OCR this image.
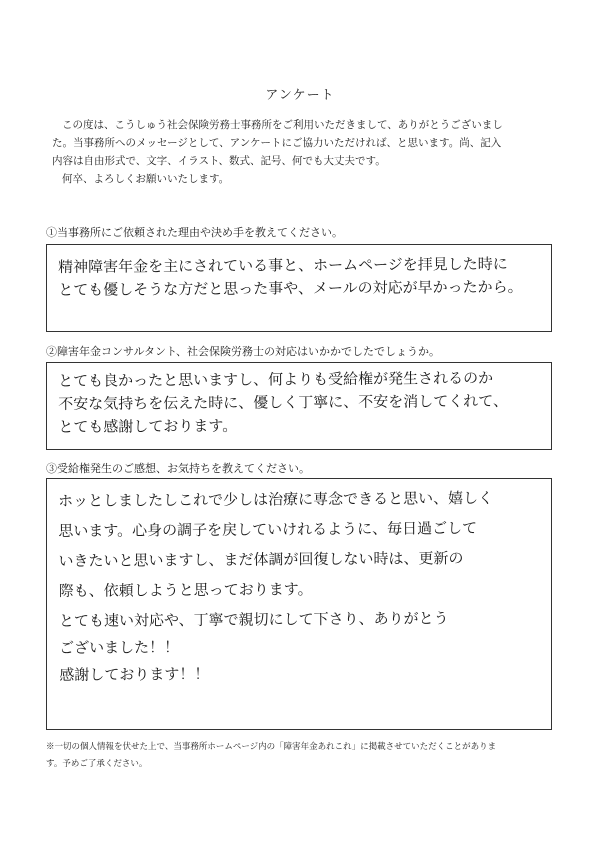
アンケート

この度は、こうしゅう社会保険労務士事務所をご利用いただきまして、ありがとうございまし

た。当事務所へのメッセージとして、アンケートにご協力いただければ、と思います。尚、記入

内容は自由形式で、文字、イラスト、数式、記号、何でも大丈夫です。

何卒、よろしくお願いいたします。

①当事務所にご依頼された理由や決め手を教えてください。
精神障害年金を主にされている事と、ホームページを拝見した時に
とても優しそうな方だと思った事や、メールの対応が早かったから。
②障害年金コンサルタント、社会保険労務士の対応はいかかでしたでしょうか。
とても良かったと思いますし、何よりも受給権が発生されるのか
不安な気持ちを伝えた時に、優しく丁寧に、不安を消してくれて、
とても感謝しております。
③受給権発生のご感想、お気持ちを教えてください。
ホッとしましたしこれで少しは治療に専念できると思い、嬉しく
思います。心身の調子を戻していけれるように、毎日過ごして
いきたいと思いますし、まだ体調が回復しない時は、更新の
際も、依頼しようと思っております。
とても速い対応や、丁寧で親切にして下さり、ありがとう
ございました！！
感謝しております！！

※一切の個人情報を伏せた上で、当事務所ホームページ内の「障害年金あれこれ」に掲載させていただくことがありま

す。予めご了承ください。
